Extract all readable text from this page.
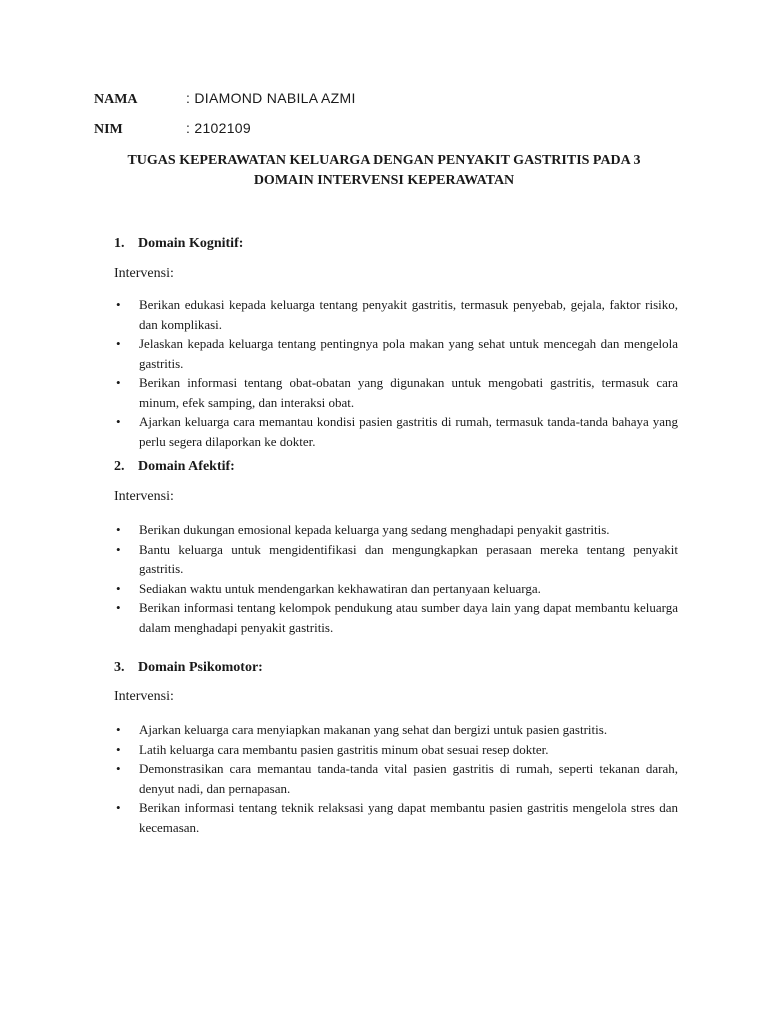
NAMA	: DIAMOND NABILA AZMI
NIM	: 2102109
TUGAS KEPERAWATAN KELUARGA DENGAN PENYAKIT GASTRITIS PADA 3
DOMAIN INTERVENSI KEPERAWATAN
1. Domain Kognitif:
Intervensi:
• Berikan edukasi kepada keluarga tentang penyakit gastritis, termasuk penyebab, gejala, faktor risiko, dan komplikasi.
• Jelaskan kepada keluarga tentang pentingnya pola makan yang sehat untuk mencegah dan mengelola gastritis.
• Berikan informasi tentang obat-obatan yang digunakan untuk mengobati gastritis, termasuk cara minum, efek samping, dan interaksi obat.
• Ajarkan keluarga cara memantau kondisi pasien gastritis di rumah, termasuk tanda-tanda bahaya yang perlu segera dilaporkan ke dokter.
2. Domain Afektif:
Intervensi:
• Berikan dukungan emosional kepada keluarga yang sedang menghadapi penyakit gastritis.
• Bantu keluarga untuk mengidentifikasi dan mengungkapkan perasaan mereka tentang penyakit gastritis.
• Sediakan waktu untuk mendengarkan kekhawatiran dan pertanyaan keluarga.
• Berikan informasi tentang kelompok pendukung atau sumber daya lain yang dapat membantu keluarga dalam menghadapi penyakit gastritis.
3. Domain Psikomotor:
Intervensi:
• Ajarkan keluarga cara menyiapkan makanan yang sehat dan bergizi untuk pasien gastritis.
• Latih keluarga cara membantu pasien gastritis minum obat sesuai resep dokter.
• Demonstrasikan cara memantau tanda-tanda vital pasien gastritis di rumah, seperti tekanan darah, denyut nadi, dan pernapasan.
• Berikan informasi tentang teknik relaksasi yang dapat membantu pasien gastritis mengelola stres dan kecemasan.
